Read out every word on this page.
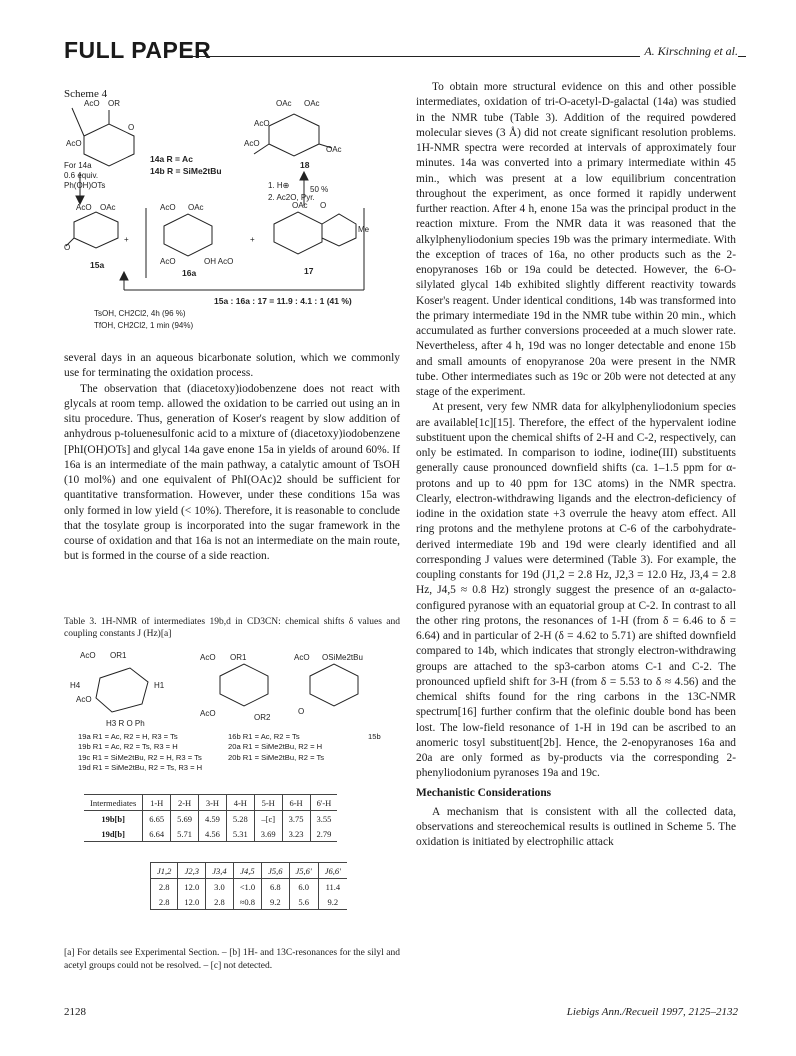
FULL PAPER	A. Kirschning et al.
Scheme 4
AcO OR
AcO
O
14a R = Ac
14b R = SiMe2tBu
For 14a
0.6 equiv.
Ph(OH)OTs
OAc OAc
AcO
AcO
OAc
18
1. H⊕
2. Ac2O, Pyr.
50 %
AcO OAc
O
+
15a
AcO OAc
AcO	OH AcO
16a
+
OAc O
Me
17
15a : 16a : 17 = 11.9 : 4.1 : 1 (41 %)
TsOH, CH2Cl2, 4h (96 %)
TfOH, CH2Cl2, 1 min (94%)

several days in an aqueous bicarbonate solution, which we commonly use for terminating the oxidation process.

The observation that (diacetoxy)iodobenzene does not react with glycals at room temp. allowed the oxidation to be carried out using an in situ procedure. Thus, generation of Koser's reagent by slow addition of anhydrous p-toluenesulfonic acid to a mixture of (diacetoxy)iodobenzene [PhI(OH)OTs] and glycal 14a gave enone 15a in yields of around 60%. If 16a is an intermediate of the main pathway, a catalytic amount of TsOH (10 mol%) and one equivalent of PhI(OAc)2 should be sufficient for quantitative transformation. However, under these conditions 15a was only formed in low yield (< 10%). Therefore, it is reasonable to conclude that the tosylate group is incorporated into the sugar framework in the course of oxidation and that 16a is not an intermediate on the main route, but is formed in the course of a side reaction.

Table 3. 1H-NMR of intermediates 19b,d in CD3CN: chemical shifts δ values and coupling constants J (Hz)[a]
AcO OR1
H4
AcO
H3 R O Ph
H1
AcO OR1
AcO	OR2
AcO OSiMe2tBu
O
19a R1 = Ac, R2 = H, R3 = Ts
19b R1 = Ac, R2 = Ts, R3 = H
19c R1 = SiMe2tBu, R2 = H, R3 = Ts
19d R1 = SiMe2tBu, R2 = Ts, R3 = H
16b R1 = Ac, R2 = Ts
20a R1 = SiMe2tBu, R2 = H
20b R1 = SiMe2tBu, R2 = Ts
15b
Intermediates	1-H	2-H	3-H	4-H	5-H	6-H	6'-H
19b[b]	6.65	5.69	4.59	5.28	–[c]	3.75	3.55
19d[b]	6.64	5.71	4.56	5.31	3.69	3.23	2.79
J1,2	J2,3	J3,4	J4,5	J5,6	J5,6'	J6,6'
2.8	12.0	3.0	<1.0	6.8	6.0	11.4
2.8	12.0	2.8	≈0.8	9.2	5.6	9.2
[a] For details see Experimental Section. – [b] 1H- and 13C-resonances for the silyl and acetyl groups could not be resolved. – [c] not detected.

To obtain more structural evidence on this and other possible intermediates, oxidation of tri-O-acetyl-D-galactal (14a) was studied in the NMR tube (Table 3). Addition of the required powdered molecular sieves (3 Å) did not create significant resolution problems. 1H-NMR spectra were recorded at intervals of approximately four minutes. 14a was converted into a primary intermediate within 45 min., which was present at a low equilibrium concentration throughout the experiment, as once formed it rapidly underwent further reaction. After 4 h, enone 15a was the principal product in the reaction mixture. From the NMR data it was reasoned that the alkylphenyliodonium species 19b was the primary intermediate. With the exception of traces of 16a, no other products such as the 2-enopyranoses 16b or 19a could be detected. However, the 6-O-silylated glycal 14b exhibited slightly different reactivity towards Koser's reagent. Under identical conditions, 14b was transformed into the primary intermediate 19d in the NMR tube within 20 min., which accumulated as further conversions proceeded at a much slower rate. Nevertheless, after 4 h, 19d was no longer detectable and enone 15b and small amounts of enopyranose 20a were present in the NMR tube. Other intermediates such as 19c or 20b were not detected at any stage of the experiment.

At present, very few NMR data for alkylphenyliodonium species are available[1c][15]. Therefore, the effect of the hypervalent iodine substituent upon the chemical shifts of 2-H and C-2, respectively, can only be estimated. In comparison to iodine, iodine(III) substituents generally cause pronounced downfield shifts (ca. 1–1.5 ppm for α-protons and up to 40 ppm for 13C atoms) in the NMR spectra. Clearly, electron-withdrawing ligands and the electron-deficiency of iodine in the oxidation state +3 overrule the heavy atom effect. All ring protons and the methylene protons at C-6 of the carbohydrate-derived intermediate 19b and 19d were clearly identified and all corresponding J values were determined (Table 3). For example, the coupling constants for 19d (J1,2 = 2.8 Hz, J2,3 = 12.0 Hz, J3,4 = 2.8 Hz, J4,5 ≈ 0.8 Hz) strongly suggest the presence of an α-galacto-configured pyranose with an equatorial group at C-2. In contrast to all the other ring protons, the resonances of 1-H (from δ = 6.46 to δ = 6.64) and in particular of 2-H (δ = 4.62 to 5.71) are shifted downfield compared to 14b, which indicates that strongly electron-withdrawing groups are attached to the sp3-carbon atoms C-1 and C-2. The pronounced upfield shift for 3-H (from δ = 5.53 to δ ≈ 4.56) and the chemical shifts found for the ring carbons in the 13C-NMR spectrum[16] further confirm that the olefinic double bond has been lost. The low-field resonance of 1-H in 19d can be ascribed to an anomeric tosyl substituent[2b]. Hence, the 2-enopyranoses 16a and 20a are only formed as by-products via the corresponding 2-phenyliodonium pyranoses 19a and 19c.

Mechanistic Considerations

A mechanism that is consistent with all the collected data, observations and stereochemical results is outlined in Scheme 5. The oxidation is initiated by electrophilic attack

2128	Liebigs Ann./Recueil 1997, 2125–2132
